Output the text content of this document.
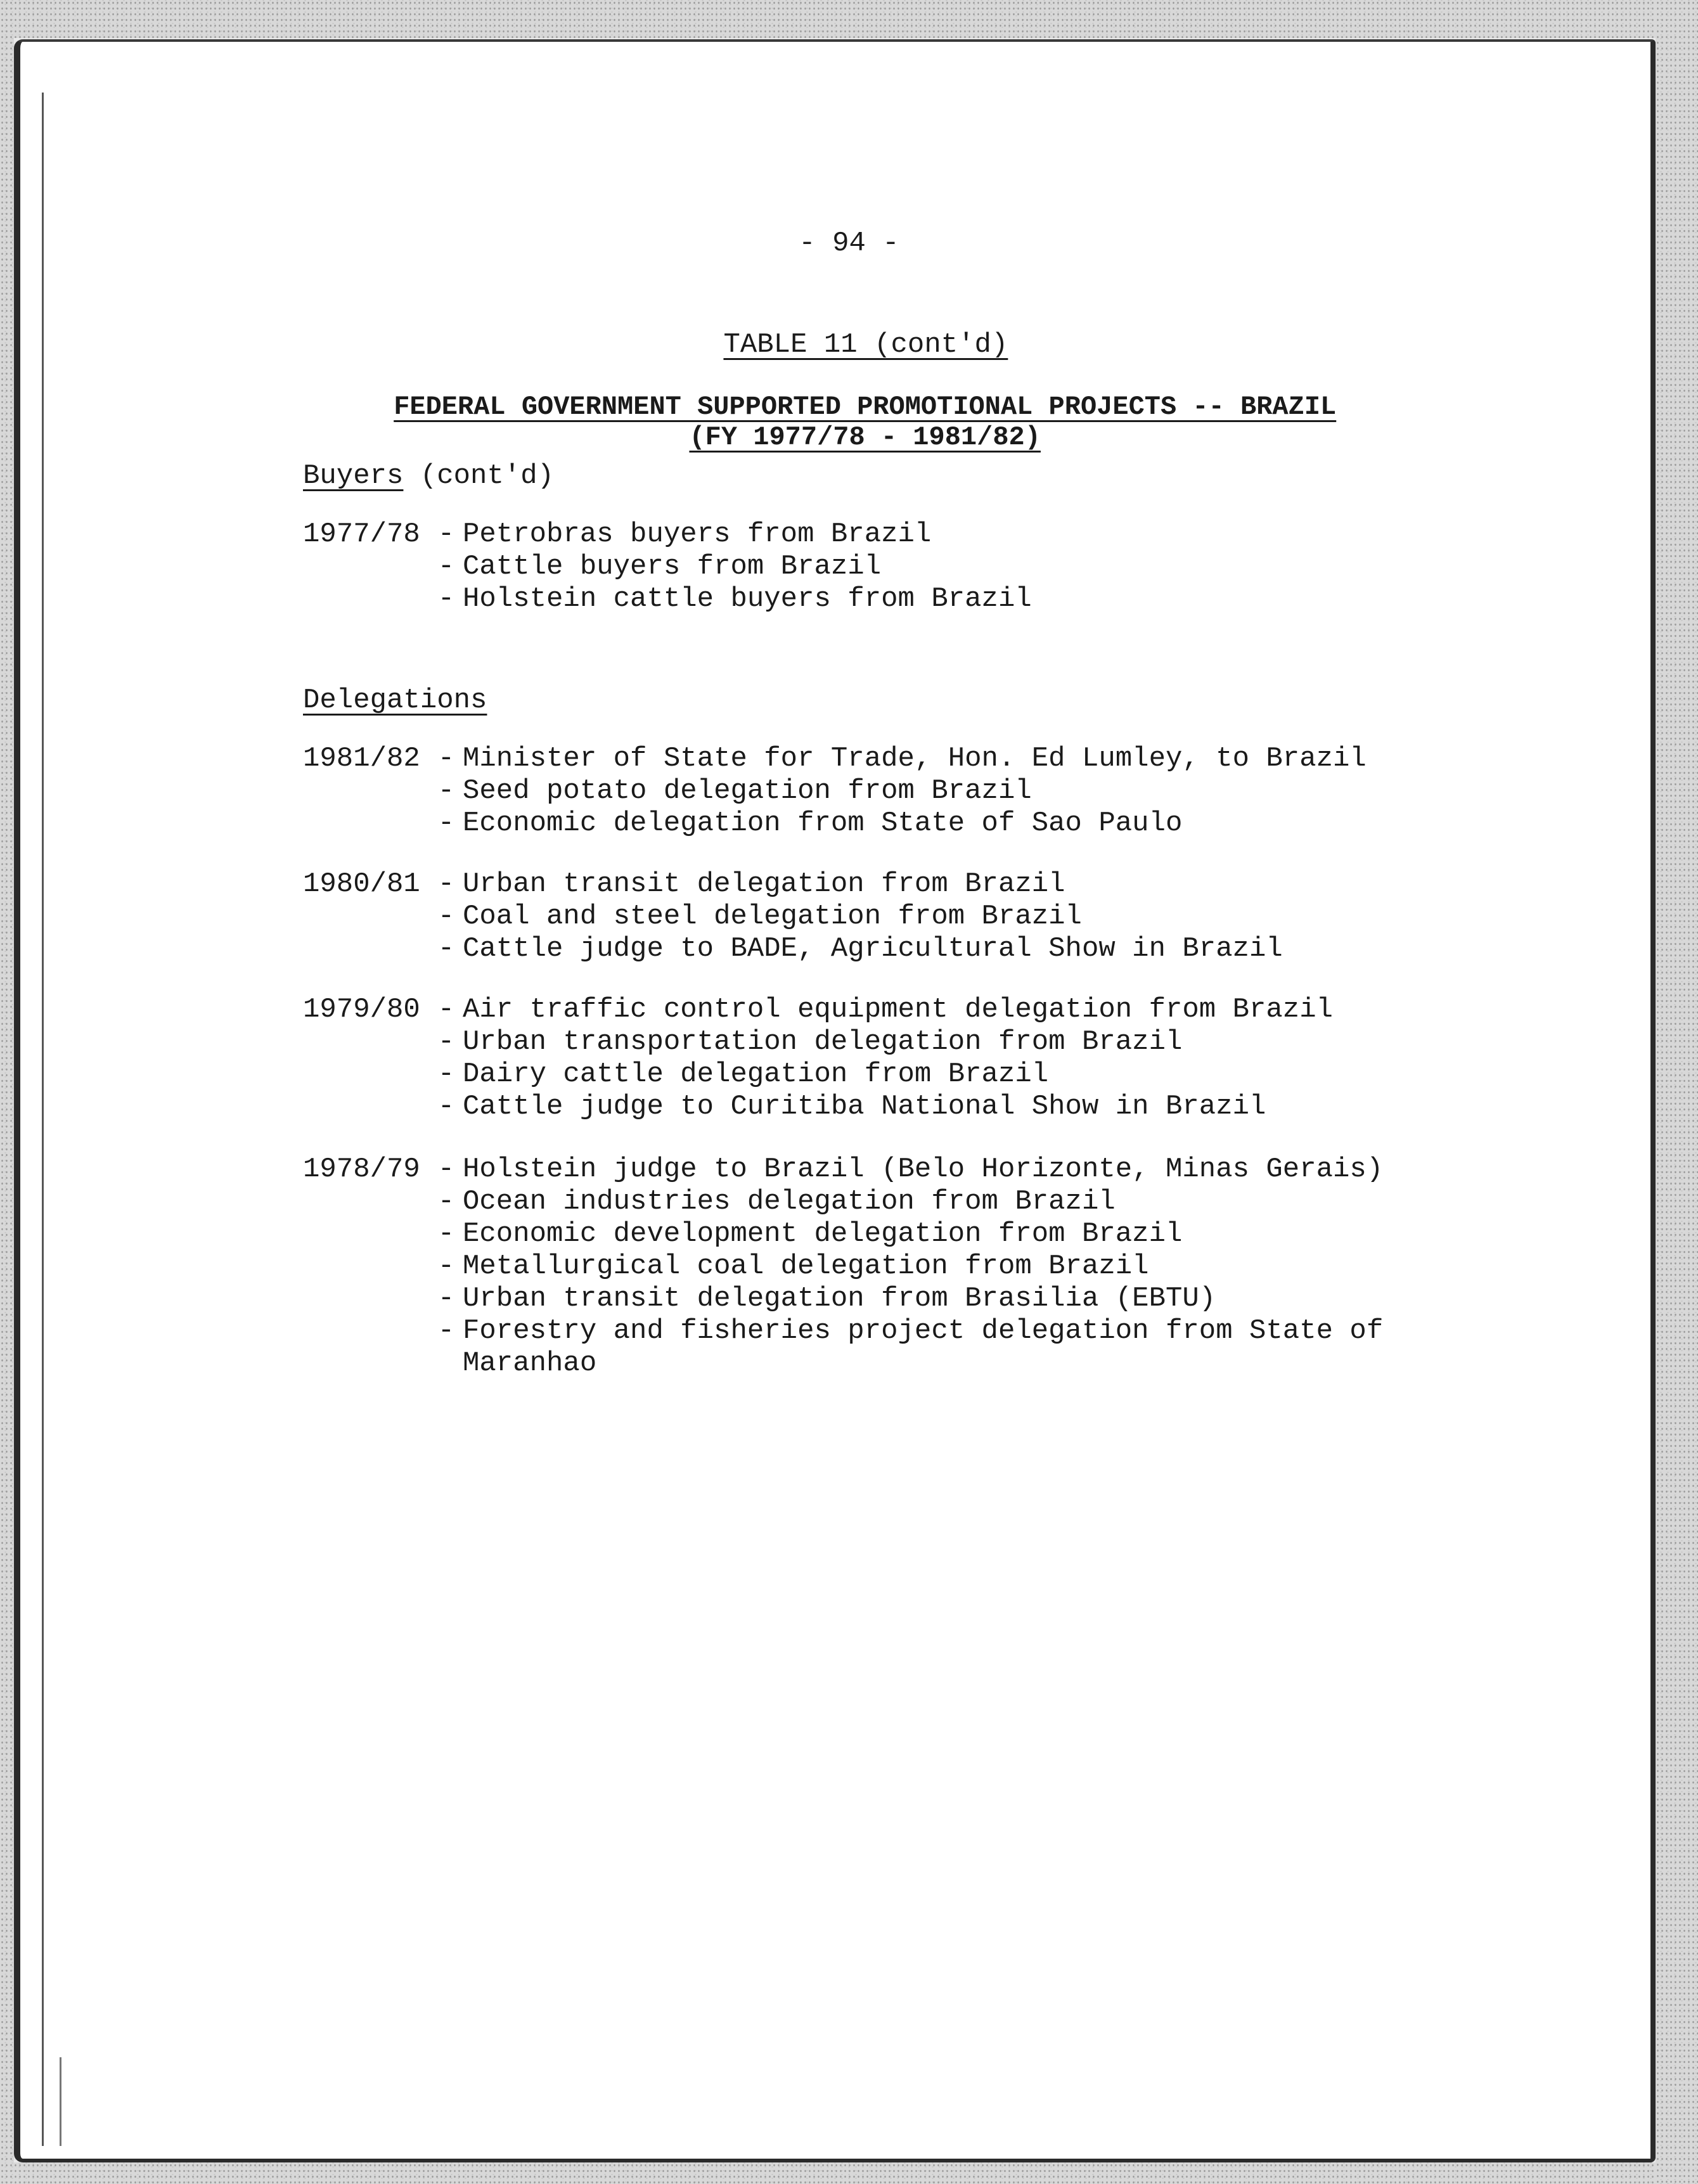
- 94 -

TABLE 11 (cont'd)

FEDERAL GOVERNMENT SUPPORTED PROMOTIONAL PROJECTS -- BRAZIL

(FY 1977/78 - 1981/82)

Buyers (cont'd)
1977/78 - Petrobras buyers from Brazil
- Cattle buyers from Brazil
- Holstein cattle buyers from Brazil
Delegations
1981/82 - Minister of State for Trade, Hon. Ed Lumley, to Brazil
- Seed potato delegation from Brazil
- Economic delegation from State of Sao Paulo
1980/81 - Urban transit delegation from Brazil
- Coal and steel delegation from Brazil
- Cattle judge to BADE, Agricultural Show in Brazil
1979/80 - Air traffic control equipment delegation from Brazil
- Urban transportation delegation from Brazil
- Dairy cattle delegation from Brazil
- Cattle judge to Curitiba National Show in Brazil
1978/79 - Holstein judge to Brazil (Belo Horizonte, Minas Gerais)
- Ocean industries delegation from Brazil
- Economic development delegation from Brazil
- Metallurgical coal delegation from Brazil
- Urban transit delegation from Brasilia (EBTU)
- Forestry and fisheries project delegation from State of
Maranhao
